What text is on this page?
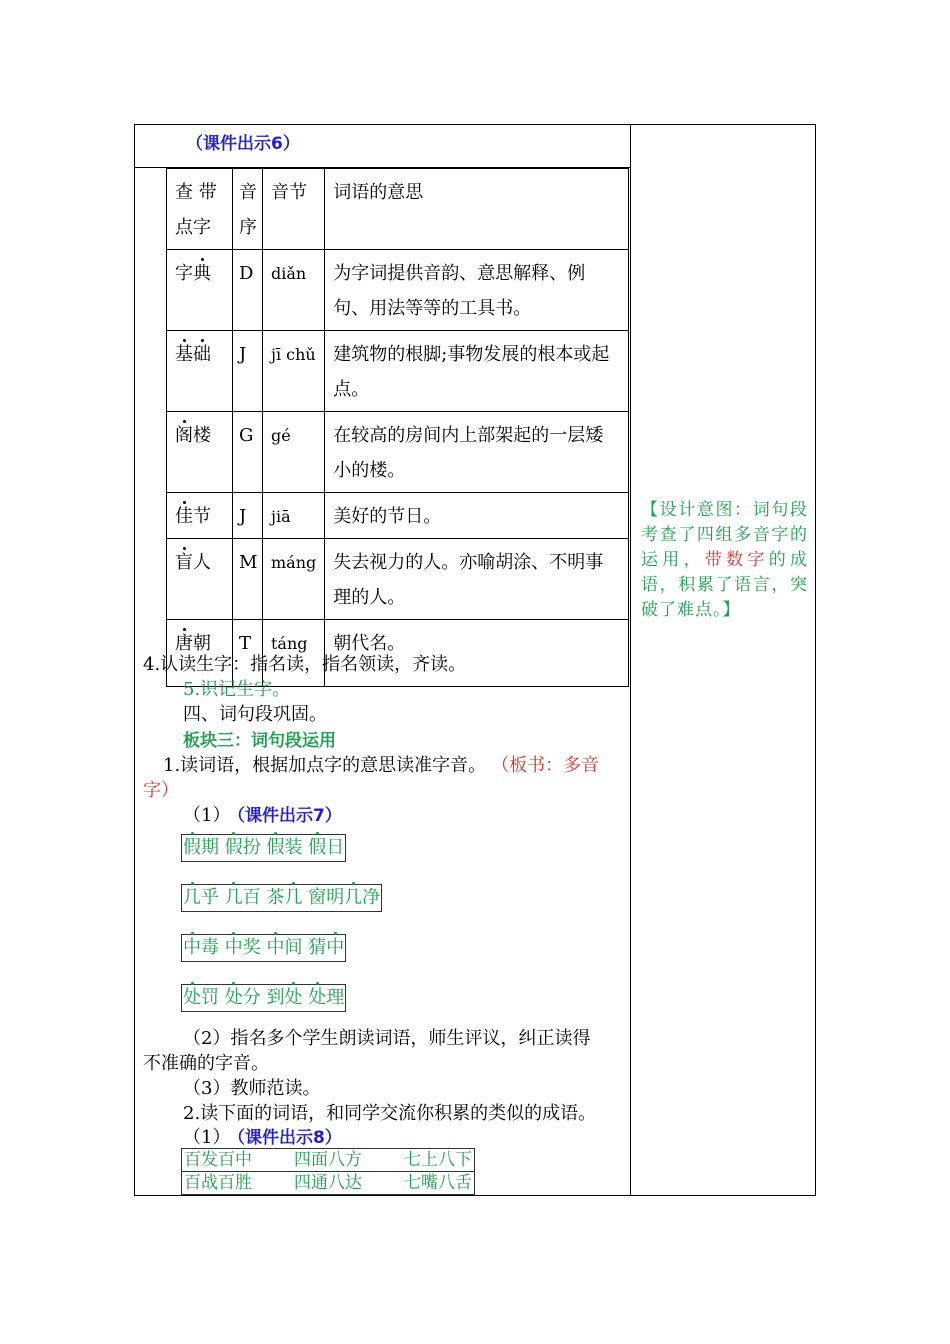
（课件出示6）
查 带点字	音序	音节	词语的意思
字典	D	diǎn	为字词提供音韵、意思解释、例句、用法等等的工具书。
基础	J	jī chǔ	建筑物的根脚;事物发展的根本或起点。
阁楼	G	gé	在较高的房间内上部架起的一层矮小的楼。
佳节	J	jiā	美好的节日。
盲人	M	máng	失去视力的人。亦喻胡涂、不明事理的人。
唐朝	T	táng	朝代名。
4.认读生字：指名读，指名领读，齐读。
5.识记生字。
四、词句段巩固。
板块三：词句段运用
1.读词语，根据加点字的意思读准字音。 （板书：多音
字）
（1） （课件出示7）
假期 假扮 假装 假日
几乎 几百 茶几 窗明几净
中毒 中奖 中间 猜中
处罚 处分 到处 处理
（2）指名多个学生朗读词语，师生评议，纠正读得
不准确的字音。
（3）教师范读。
2.读下面的词语，和同学交流你积累的类似的成语。
（1） （课件出示8）
百发百中	四面八方	七上八下
百战百胜	四通八达	七嘴八舌
【设计意图：词句段考查了四组多音字的运用，带数字的成语，积累了语言，突破了难点。】
